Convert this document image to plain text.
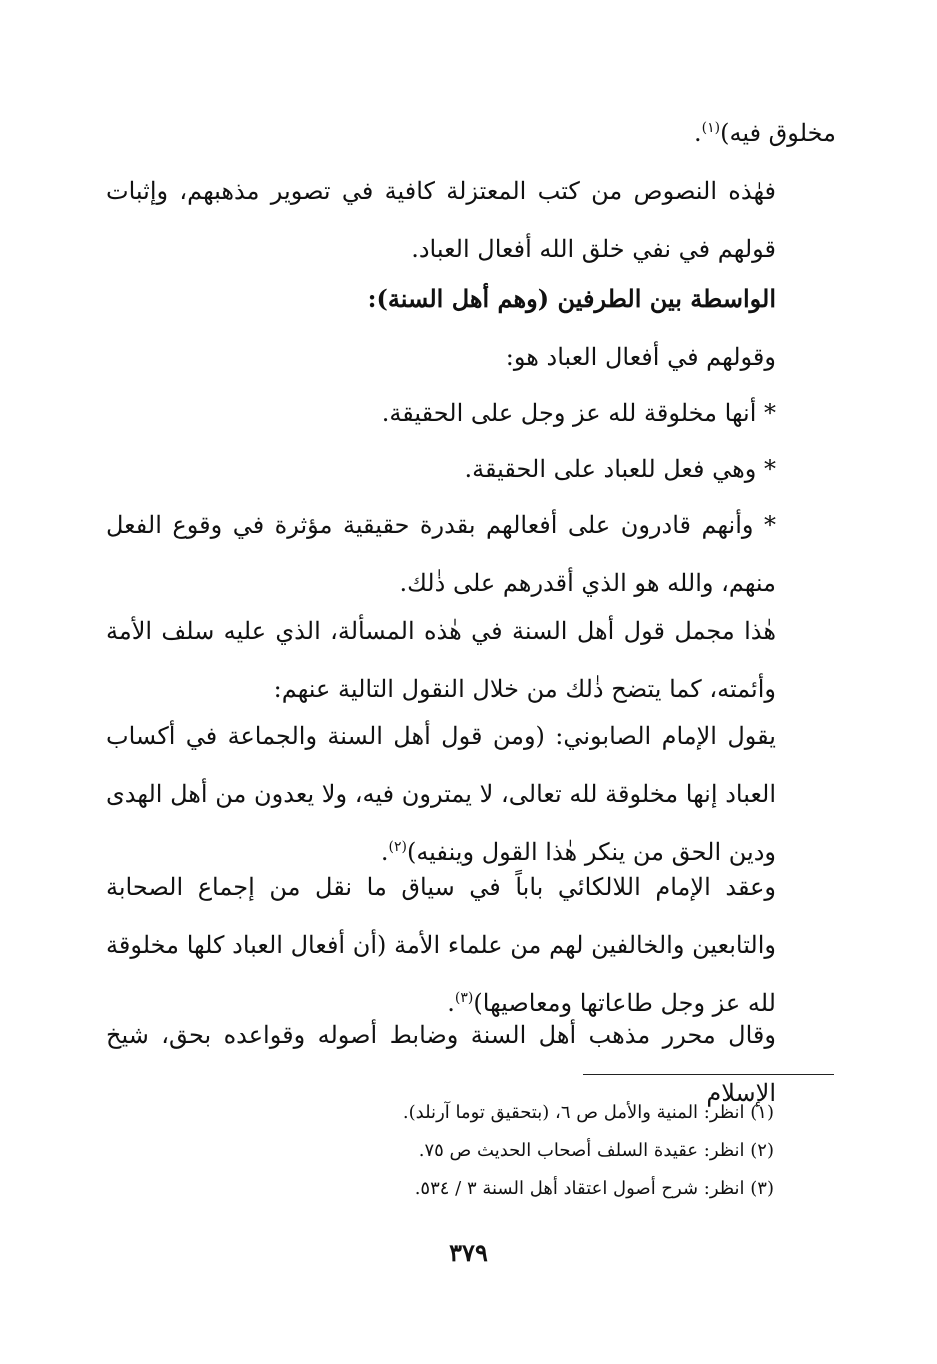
مخلوق فيه)$^{(١)}$.

فهٰذه النصوص من كتب المعتزلة كافية في تصوير مذهبهم، وإثبات قولهم في نفي خلق الله أفعال العباد.

الواسطة بين الطرفين (وهم أهل السنة):

وقولهم في أفعال العباد هو:

* أنها مخلوقة لله عز وجل على الحقيقة.

* وهي فعل للعباد على الحقيقة.

* وأنهم قادرون على أفعالهم بقدرة حقيقية مؤثرة في وقوع الفعل منهم، والله هو الذي أقدرهم على ذٰلك.

هٰذا مجمل قول أهل السنة في هٰذه المسألة، الذي عليه سلف الأمة وأئمته، كما يتضح ذٰلك من خلال النقول التالية عنهم:

يقول الإمام الصابوني: (ومن قول أهل السنة والجماعة في أكساب العباد إنها مخلوقة لله تعالى، لا يمترون فيه، ولا يعدون من أهل الهدى ودين الحق من ينكر هٰذا القول وينفيه)$^{(٢)}$.

وعقد الإمام اللالكائي باباً في سياق ما نقل من إجماع الصحابة والتابعين والخالفين لهم من علماء الأمة (أن أفعال العباد كلها مخلوقة لله عز وجل طاعاتها ومعاصيها)$^{(٣)}$.

وقال محرر مذهب أهل السنة وضابط أصوله وقواعده بحق، شيخ الإسلام

(١) انظر: المنية والأمل ص ٦، (بتحقيق توما آرنلد).

(٢) انظر: عقيدة السلف أصحاب الحديث ص ٧٥.

(٣) انظر: شرح أصول اعتقاد أهل السنة ٣ / ٥٣٤.

٣٧٩
